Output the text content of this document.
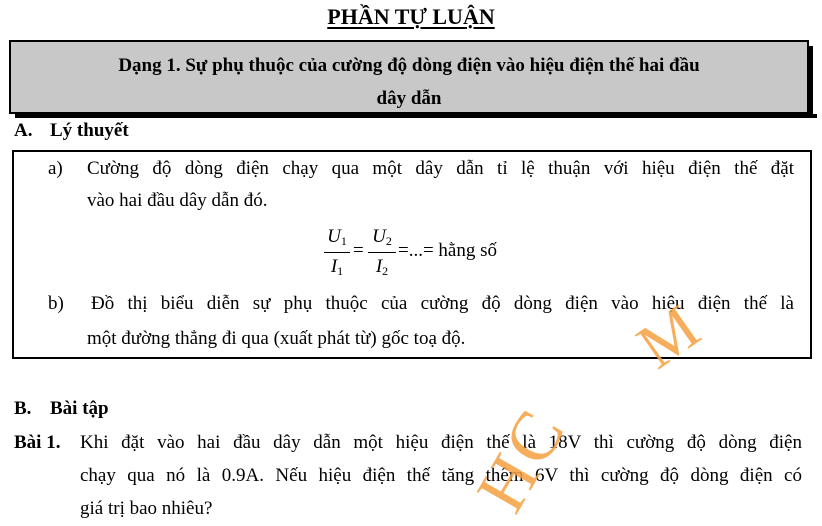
PHẦN TỰ LUẬN
Dạng 1. Sự phụ thuộc của cường độ dòng điện vào hiệu điện thế hai đầu
dây dẫn
A. Lý thuyết
a) Cường độ dòng điện chạy qua một dây dẫn tỉ lệ thuận với hiệu điện thế đặt
vào hai đầu dây dẫn đó.
$U_1$
$I_1$
=
$U_2$
$I_2$
=...= hằng số
b) Đồ thị biểu diễn sự phụ thuộc của cường độ dòng điện vào hiệu điện thế là
một đường thẳng đi qua (xuất phát từ) gốc toạ độ.
B. Bài tập
Bài 1. Khi đặt vào hai đầu dây dẫn một hiệu điện thế là 18V thì cường độ dòng điện
chạy qua nó là 0.9A. Nếu hiệu điện thế tăng thêm 6V thì cường độ dòng điện có
giá trị bao nhiêu?
M
HC
